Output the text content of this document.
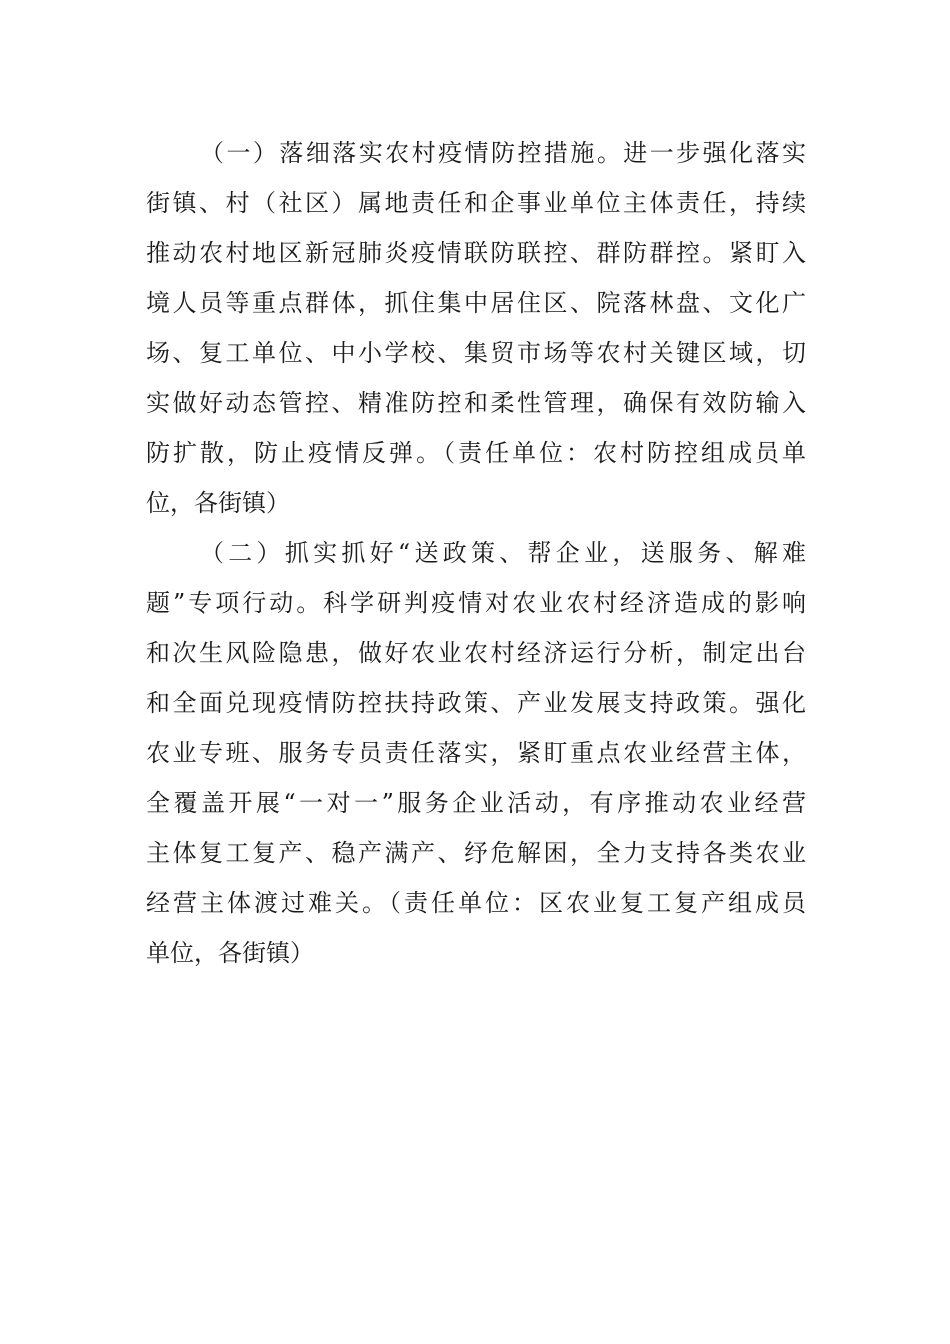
（一）落细落实农村疫情防控措施。进一步强化落实
街镇、村（社区）属地责任和企事业单位主体责任，持续
推动农村地区新冠肺炎疫情联防联控、群防群控。紧盯入
境人员等重点群体，抓住集中居住区、院落林盘、文化广
场、复工单位、中小学校、集贸市场等农村关键区域，切
实做好动态管控、精准防控和柔性管理，确保有效防输入
防扩散，防止疫情反弹。（责任单位：农村防控组成员单
位，各街镇）
（二）抓实抓好“送政策、帮企业，送服务、解难
题”专项行动。科学研判疫情对农业农村经济造成的影响
和次生风险隐患，做好农业农村经济运行分析，制定出台
和全面兑现疫情防控扶持政策、产业发展支持政策。强化
农业专班、服务专员责任落实，紧盯重点农业经营主体，
全覆盖开展“一对一”服务企业活动，有序推动农业经营
主体复工复产、稳产满产、纾危解困，全力支持各类农业
经营主体渡过难关。（责任单位：区农业复工复产组成员
单位，各街镇）
